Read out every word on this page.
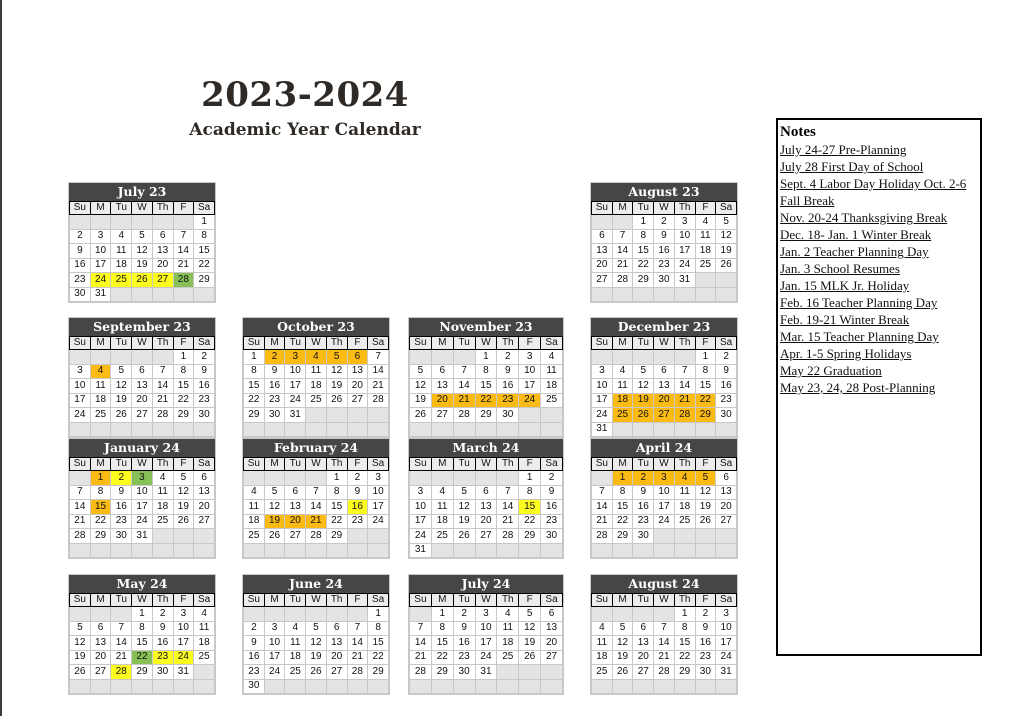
2023-2024
Academic Year Calendar
July 23
Su	M	Tu	W	Th	F	Sa
						1
2	3	4	5	6	7	8
9	10	11	12	13	14	15
16	17	18	19	20	21	22
23	24	25	26	27	28	29
30	31					
August 23
Su	M	Tu	W	Th	F	Sa
		1	2	3	4	5
6	7	8	9	10	11	12
13	14	15	16	17	18	19
20	21	22	23	24	25	26
27	28	29	30	31		

September 23
Su	M	Tu	W	Th	F	Sa
					1	2
3	4	5	6	7	8	9
10	11	12	13	14	15	16
17	18	19	20	21	22	23
24	25	26	27	28	29	30

October 23
Su	M	Tu	W	Th	F	Sa
1	2	3	4	5	6	7
8	9	10	11	12	13	14
15	16	17	18	19	20	21
22	23	24	25	26	27	28
29	30	31				

November 23
Su	M	Tu	W	Th	F	Sa
			1	2	3	4
5	6	7	8	9	10	11
12	13	14	15	16	17	18
19	20	21	22	23	24	25
26	27	28	29	30		

December 23
Su	M	Tu	W	Th	F	Sa
					1	2
3	4	5	6	7	8	9
10	11	12	13	14	15	16
17	18	19	20	21	22	23
24	25	26	27	28	29	30
31						
January 24
Su	M	Tu	W	Th	F	Sa
	1	2	3	4	5	6
7	8	9	10	11	12	13
14	15	16	17	18	19	20
21	22	23	24	25	26	27
28	29	30	31			

February 24
Su	M	Tu	W	Th	F	Sa
				1	2	3
4	5	6	7	8	9	10
11	12	13	14	15	16	17
18	19	20	21	22	23	24
25	26	27	28	29		

March 24
Su	M	Tu	W	Th	F	Sa
					1	2
3	4	5	6	7	8	9
10	11	12	13	14	15	16
17	18	19	20	21	22	23
24	25	26	27	28	29	30
31						
April 24
Su	M	Tu	W	Th	F	Sa
	1	2	3	4	5	6
7	8	9	10	11	12	13
14	15	16	17	18	19	20
21	22	23	24	25	26	27
28	29	30				

May 24
Su	M	Tu	W	Th	F	Sa
			1	2	3	4
5	6	7	8	9	10	11
12	13	14	15	16	17	18
19	20	21	22	23	24	25
26	27	28	29	30	31	

June 24
Su	M	Tu	W	Th	F	Sa
						1
2	3	4	5	6	7	8
9	10	11	12	13	14	15
16	17	18	19	20	21	22
23	24	25	26	27	28	29
30						
July 24
Su	M	Tu	W	Th	F	Sa
	1	2	3	4	5	6
7	8	9	10	11	12	13
14	15	16	17	18	19	20
21	22	23	24	25	26	27
28	29	30	31			

August 24
Su	M	Tu	W	Th	F	Sa
				1	2	3
4	5	6	7	8	9	10
11	12	13	14	15	16	17
18	19	20	21	22	23	24
25	26	27	28	29	30	31

Notes
July 24-27 Pre-Planning
July 28 First Day of School
Sept. 4 Labor Day Holiday Oct. 2-6 Fall Break
Nov. 20-24 Thanksgiving Break
Dec. 18- Jan. 1 Winter Break
Jan. 2 Teacher Planning Day
Jan. 3 School Resumes
Jan. 15 MLK Jr. Holiday
Feb. 16 Teacher Planning Day
Feb. 19-21 Winter Break
Mar. 15 Teacher Planning Day
Apr. 1-5 Spring Holidays
May 22 Graduation
May 23, 24, 28 Post-Planning
